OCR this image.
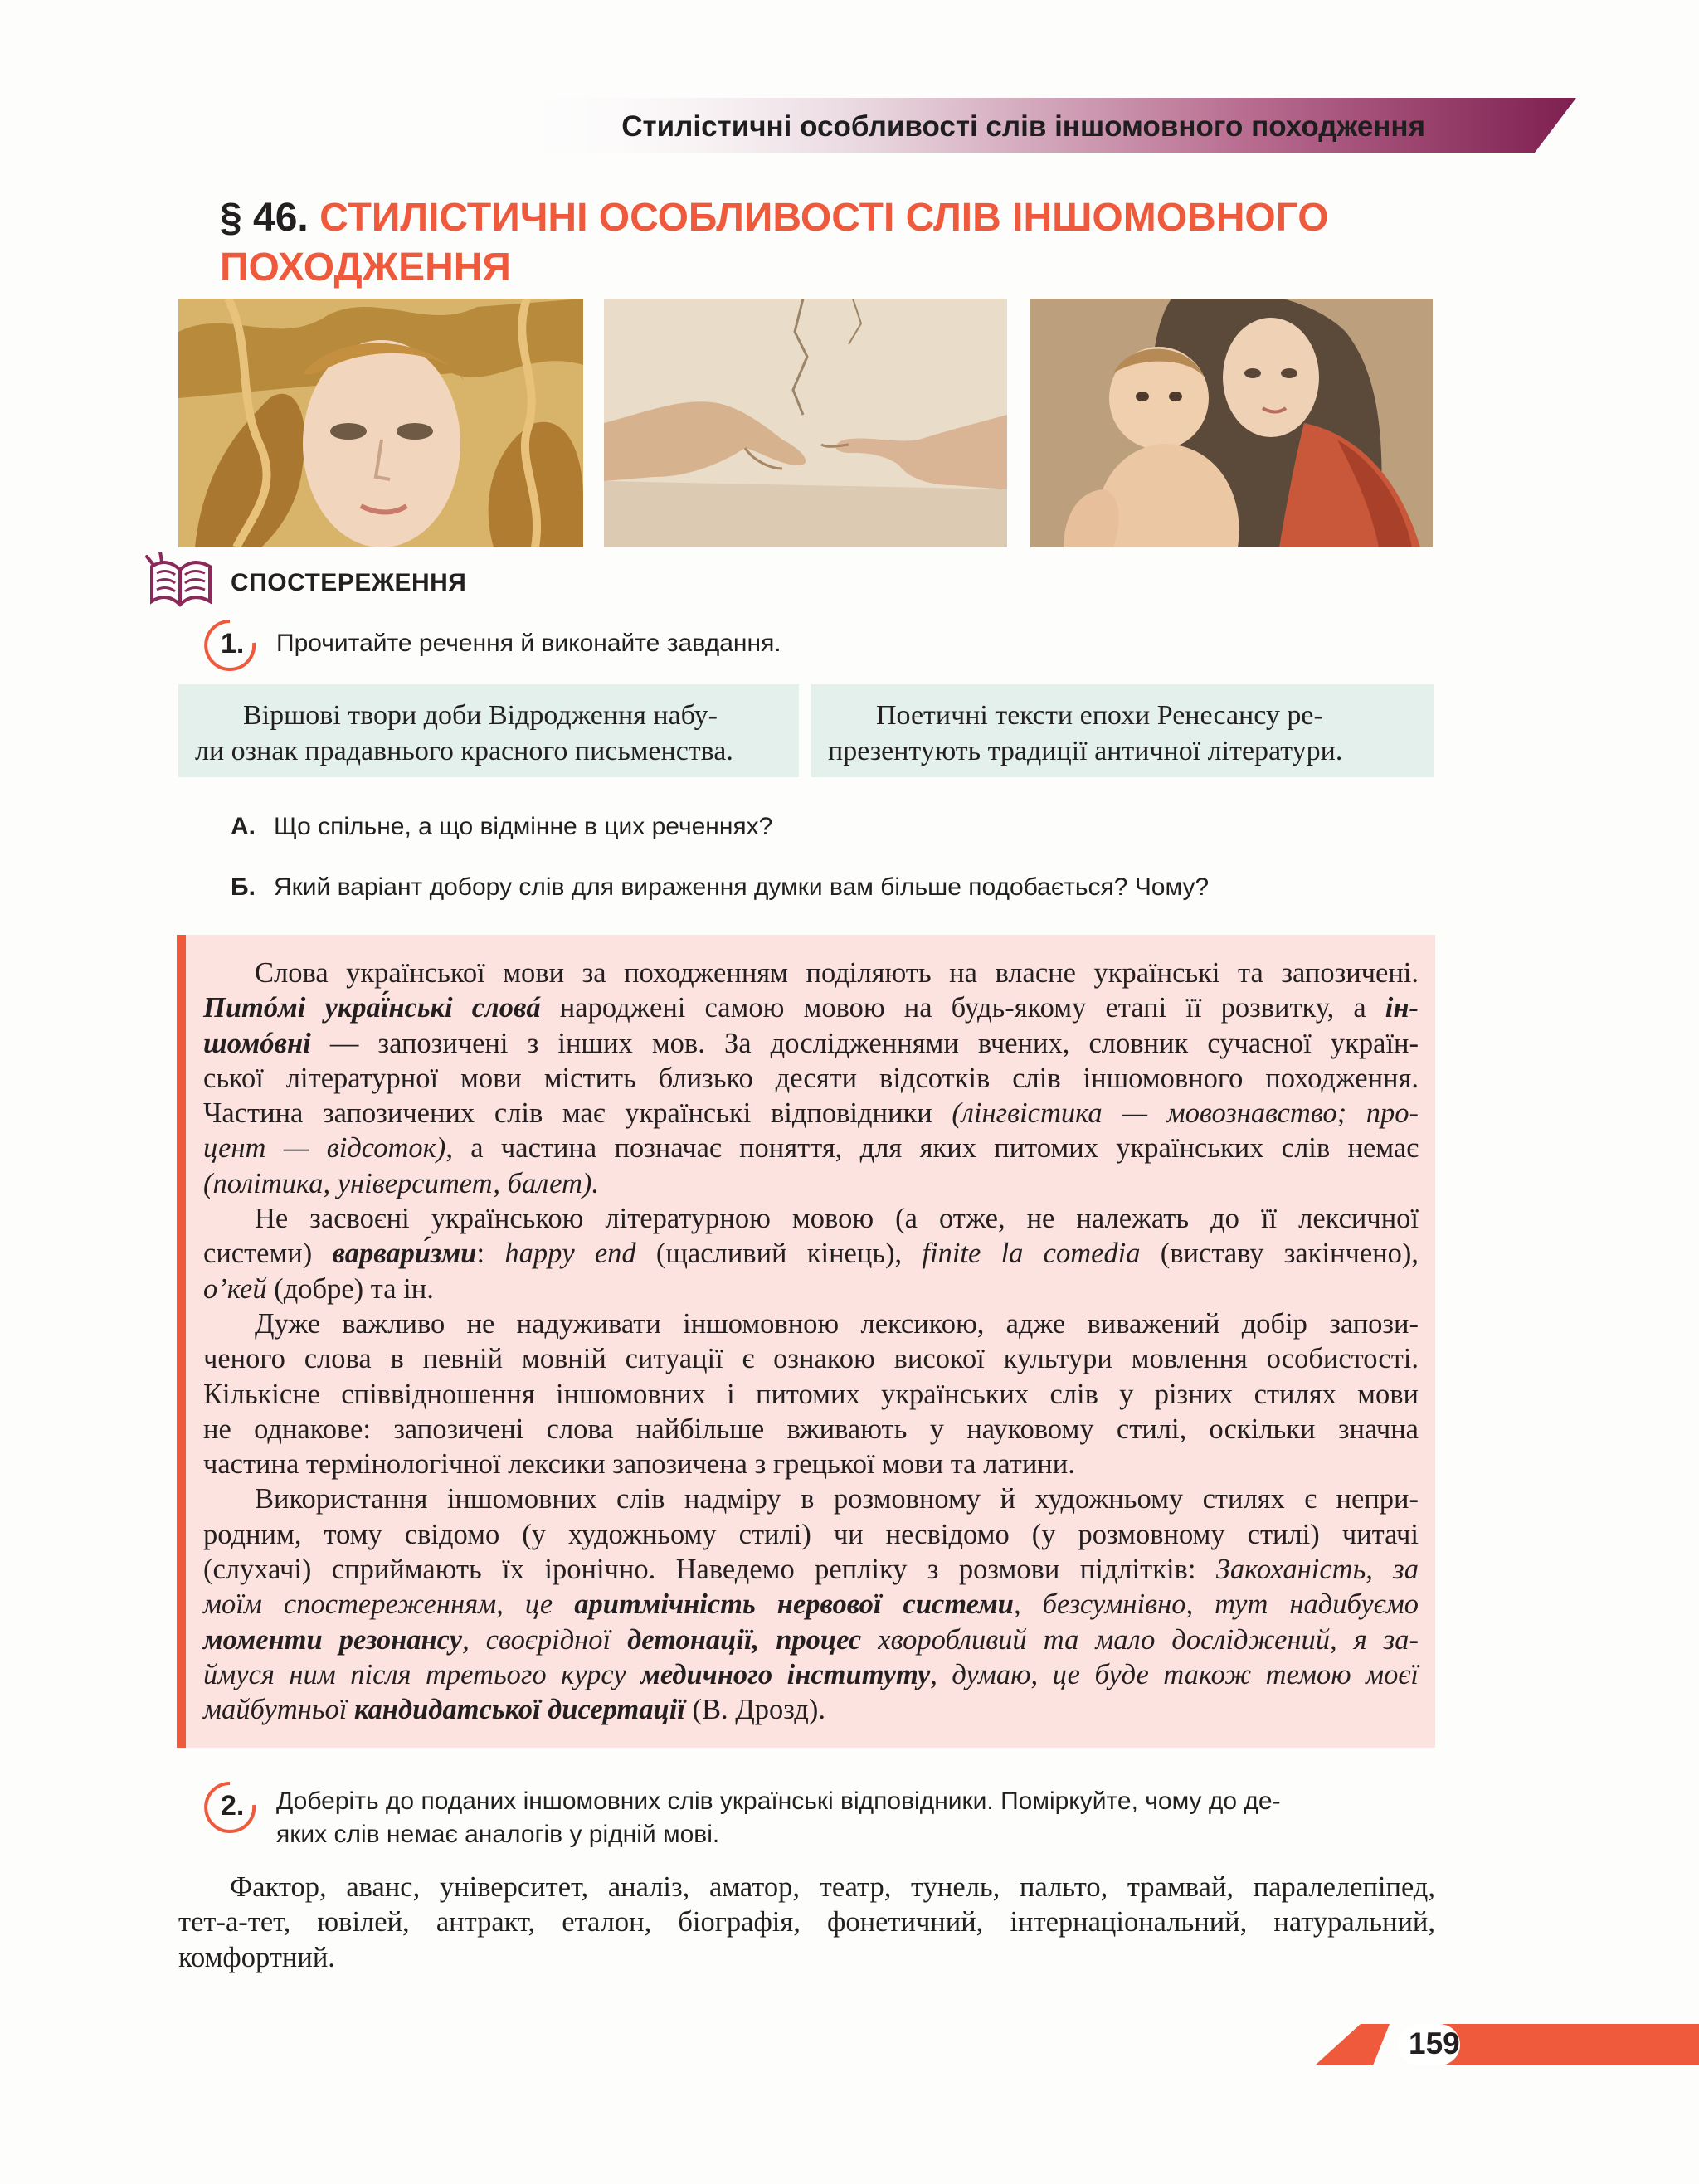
Стилістичні особливості слів іншомовного походження
§ 46. СТИЛІСТИЧНІ ОСОБЛИВОСТІ СЛІВ ІНШОМОВНОГО
ПОХОДЖЕННЯ
СПОСТЕРЕЖЕННЯ
1. Прочитайте речення й виконайте завдання.
Віршові твори доби Відродження набу-
ли ознак прадавнього красного письменства.
Поетичні тексти епохи Ренесансу ре-
презентують традиції античної літератури.
А. Що спільне, а що відмінне в цих реченнях?
Б. Який варіант добору слів для вираження думки вам більше подобається? Чому?
Слова української мови за походженням поділяють на власне українські та запозичені.
Питóмі украї́нські словá народжені самою мовою на будь-якому етапі її розвитку, а ін-
шомóвні — запозичені з інших мов. За дослідженнями вчених, словник сучасної україн-
ської літературної мови містить близько десяти відсотків слів іншомовного походження.
Частина запозичених слів має українські відповідники (лінгвістика — мовознавство; про-
цент — відсоток), а частина позначає поняття, для яких питомих українських слів немає
(політика, університет, балет).
Не засвоєні українською літературною мовою (а отже, не належать до її лексичної
системи) варвари́зми: happy end (щасливий кінець), finite la comedia (виставу закінчено),
о’кей (добре) та ін.
Дуже важливо не надуживати іншомовною лексикою, адже виважений добір запози-
ченого слова в певній мовній ситуації є ознакою високої культури мовлення особистості.
Кількісне співвідношення іншомовних і питомих українських слів у різних стилях мови
не однакове: запозичені слова найбільше вживають у науковому стилі, оскільки значна
частина термінологічної лексики запозичена з грецької мови та латини.
Використання іншомовних слів надміру в розмовному й художньому стилях є непри-
родним, тому свідомо (у художньому стилі) чи несвідомо (у розмовному стилі) читачі
(слухачі) сприймають їх іронічно. Наведемо репліку з розмови підлітків: Закоханість, за
моїм спостереженням, це аритмічність нервової системи, безсумнівно, тут надибуємо
моменти резонансу, своєрідної детонації, процес хворобливий та мало досліджений, я за-
ймуся ним після третього курсу медичного інституту, думаю, це буде також темою моєї
майбутньої кандидатської дисертації (В. Дрозд).
2. Доберіть до поданих іншомовних слів українські відповідники. Поміркуйте, чому до де-
яких слів немає аналогів у рідній мові.
Фактор, аванс, університет, аналіз, аматор, театр, тунель, пальто, трамвай, паралелепіпед,
тет-а-тет, ювілей, антракт, еталон, біографія, фонетичний, інтернаціональний, натуральний,
комфортний.
159
